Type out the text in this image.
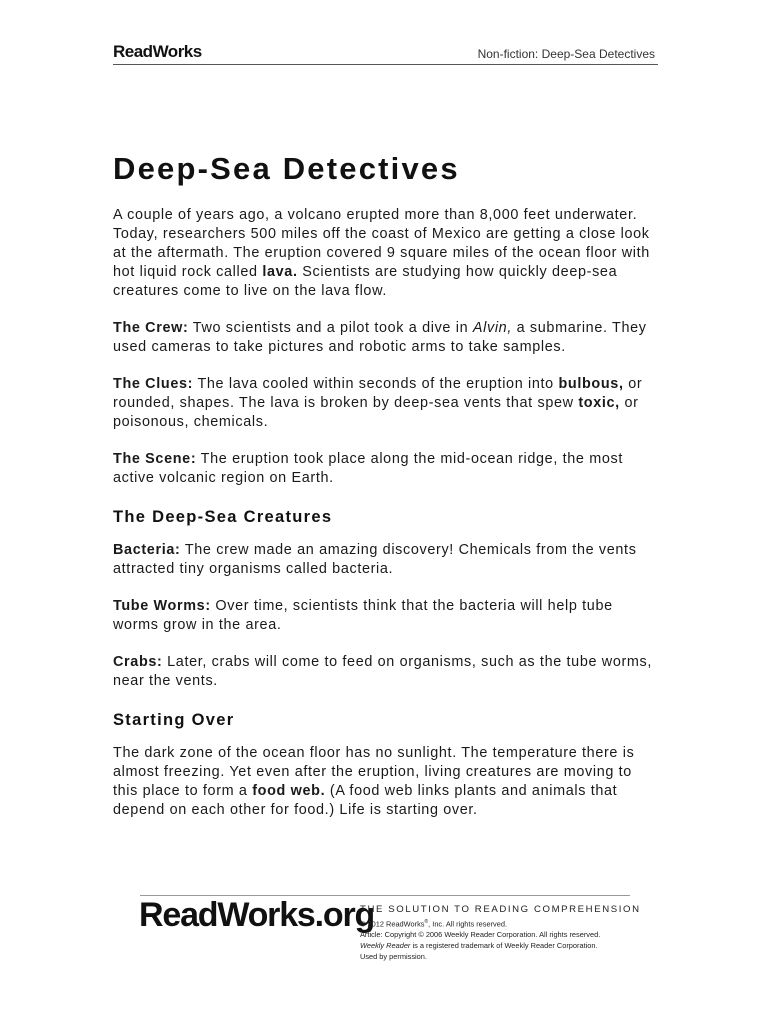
ReadWorks	Non-fiction: Deep-Sea Detectives
Deep-Sea Detectives

A couple of years ago, a volcano erupted more than 8,000 feet underwater. Today, researchers 500 miles off the coast of Mexico are getting a close look at the aftermath. The eruption covered 9 square miles of the ocean floor with hot liquid rock called lava. Scientists are studying how quickly deep-sea creatures come to live on the lava flow.

The Crew: Two scientists and a pilot took a dive in Alvin, a submarine. They used cameras to take pictures and robotic arms to take samples.

The Clues: The lava cooled within seconds of the eruption into bulbous, or rounded, shapes. The lava is broken by deep-sea vents that spew toxic, or poisonous, chemicals.

The Scene: The eruption took place along the mid-ocean ridge, the most active volcanic region on Earth.

The Deep-Sea Creatures

Bacteria: The crew made an amazing discovery! Chemicals from the vents attracted tiny organisms called bacteria.

Tube Worms: Over time, scientists think that the bacteria will help tube worms grow in the area.

Crabs: Later, crabs will come to feed on organisms, such as the tube worms, near the vents.

Starting Over

The dark zone of the ocean floor has no sunlight. The temperature there is almost freezing. Yet even after the eruption, living creatures are moving to this place to form a food web. (A food web links plants and animals that depend on each other for food.) Life is starting over.

ReadWorks.org
THE SOLUTION TO READING COMPREHENSION
© 2012 ReadWorks®, Inc. All rights reserved.
Article: Copyright © 2006 Weekly Reader Corporation. All rights reserved.
Weekly Reader is a registered trademark of Weekly Reader Corporation.
Used by permission.
